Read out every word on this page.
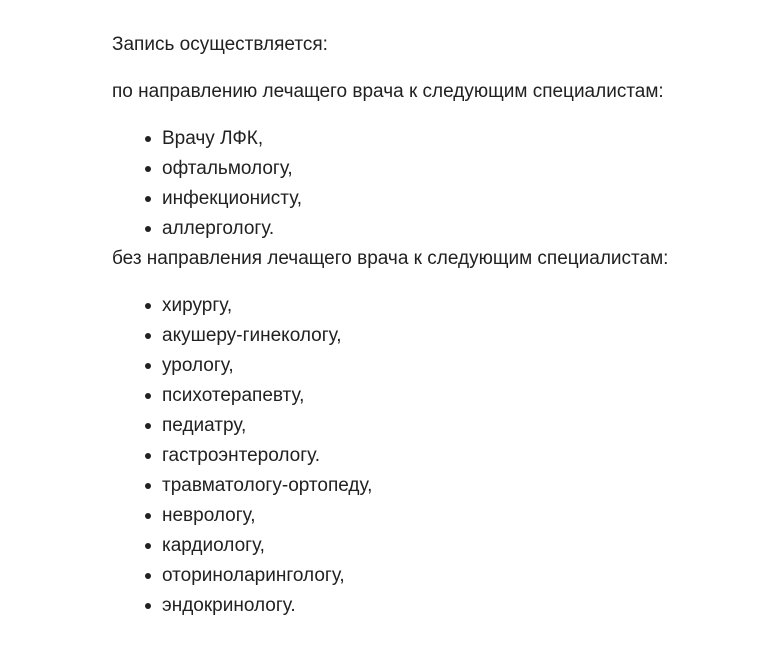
Запись осуществляется:

по направлению лечащего врача к следующим специалистам:

Врачу ЛФК,
офтальмологу,
инфекционисту,
аллергологу.

без направления лечащего врача к следующим специалистам:

хирургу,
акушеру-гинекологу,
урологу,
психотерапевту,
педиатру,
гастроэнтерологу.
травматологу-ортопеду,
неврологу,
кардиологу,
оториноларингологу,
эндокринологу.
